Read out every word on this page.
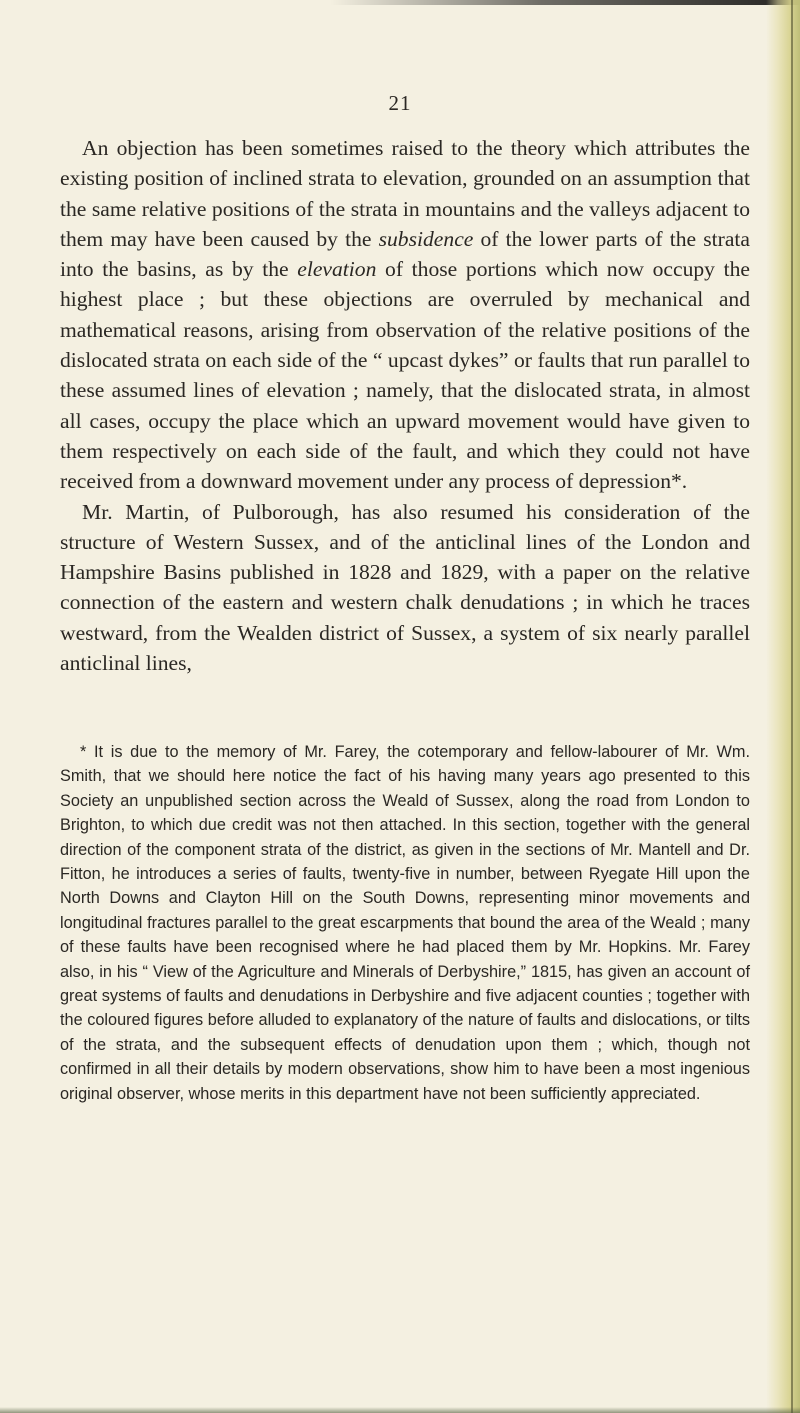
21

An objection has been sometimes raised to the theory which attributes the existing position of inclined strata to elevation, grounded on an assumption that the same relative positions of the strata in mountains and the valleys adjacent to them may have been caused by the subsidence of the lower parts of the strata into the basins, as by the elevation of those portions which now occupy the highest place ; but these objections are overruled by mechanical and mathematical reasons, arising from observation of the relative positions of the dislocated strata on each side of the “ upcast dykes” or faults that run parallel to these assumed lines of elevation ; namely, that the dislocated strata, in almost all cases, occupy the place which an upward movement would have given to them respectively on each side of the fault, and which they could not have received from a downward movement under any process of depression*.

Mr. Martin, of Pulborough, has also resumed his consideration of the structure of Western Sussex, and of the anticlinal lines of the London and Hampshire Basins published in 1828 and 1829, with a paper on the relative connection of the eastern and western chalk denudations ; in which he traces westward, from the Wealden district of Sussex, a system of six nearly parallel anticlinal lines,

* It is due to the memory of Mr. Farey, the cotemporary and fellow-labourer of Mr. Wm. Smith, that we should here notice the fact of his having many years ago presented to this Society an unpublished section across the Weald of Sussex, along the road from London to Brighton, to which due credit was not then attached. In this section, together with the general direction of the component strata of the district, as given in the sections of Mr. Mantell and Dr. Fitton, he introduces a series of faults, twenty-five in number, between Ryegate Hill upon the North Downs and Clayton Hill on the South Downs, representing minor movements and longitudinal fractures parallel to the great escarpments that bound the area of the Weald ; many of these faults have been recognised where he had placed them by Mr. Hopkins. Mr. Farey also, in his “ View of the Agriculture and Minerals of Derbyshire,” 1815, has given an account of great systems of faults and denudations in Derbyshire and five adjacent counties ; together with the coloured figures before alluded to explanatory of the nature of faults and dislocations, or tilts of the strata, and the subsequent effects of denudation upon them ; which, though not confirmed in all their details by modern observations, show him to have been a most ingenious original observer, whose merits in this department have not been sufficiently appreciated.
